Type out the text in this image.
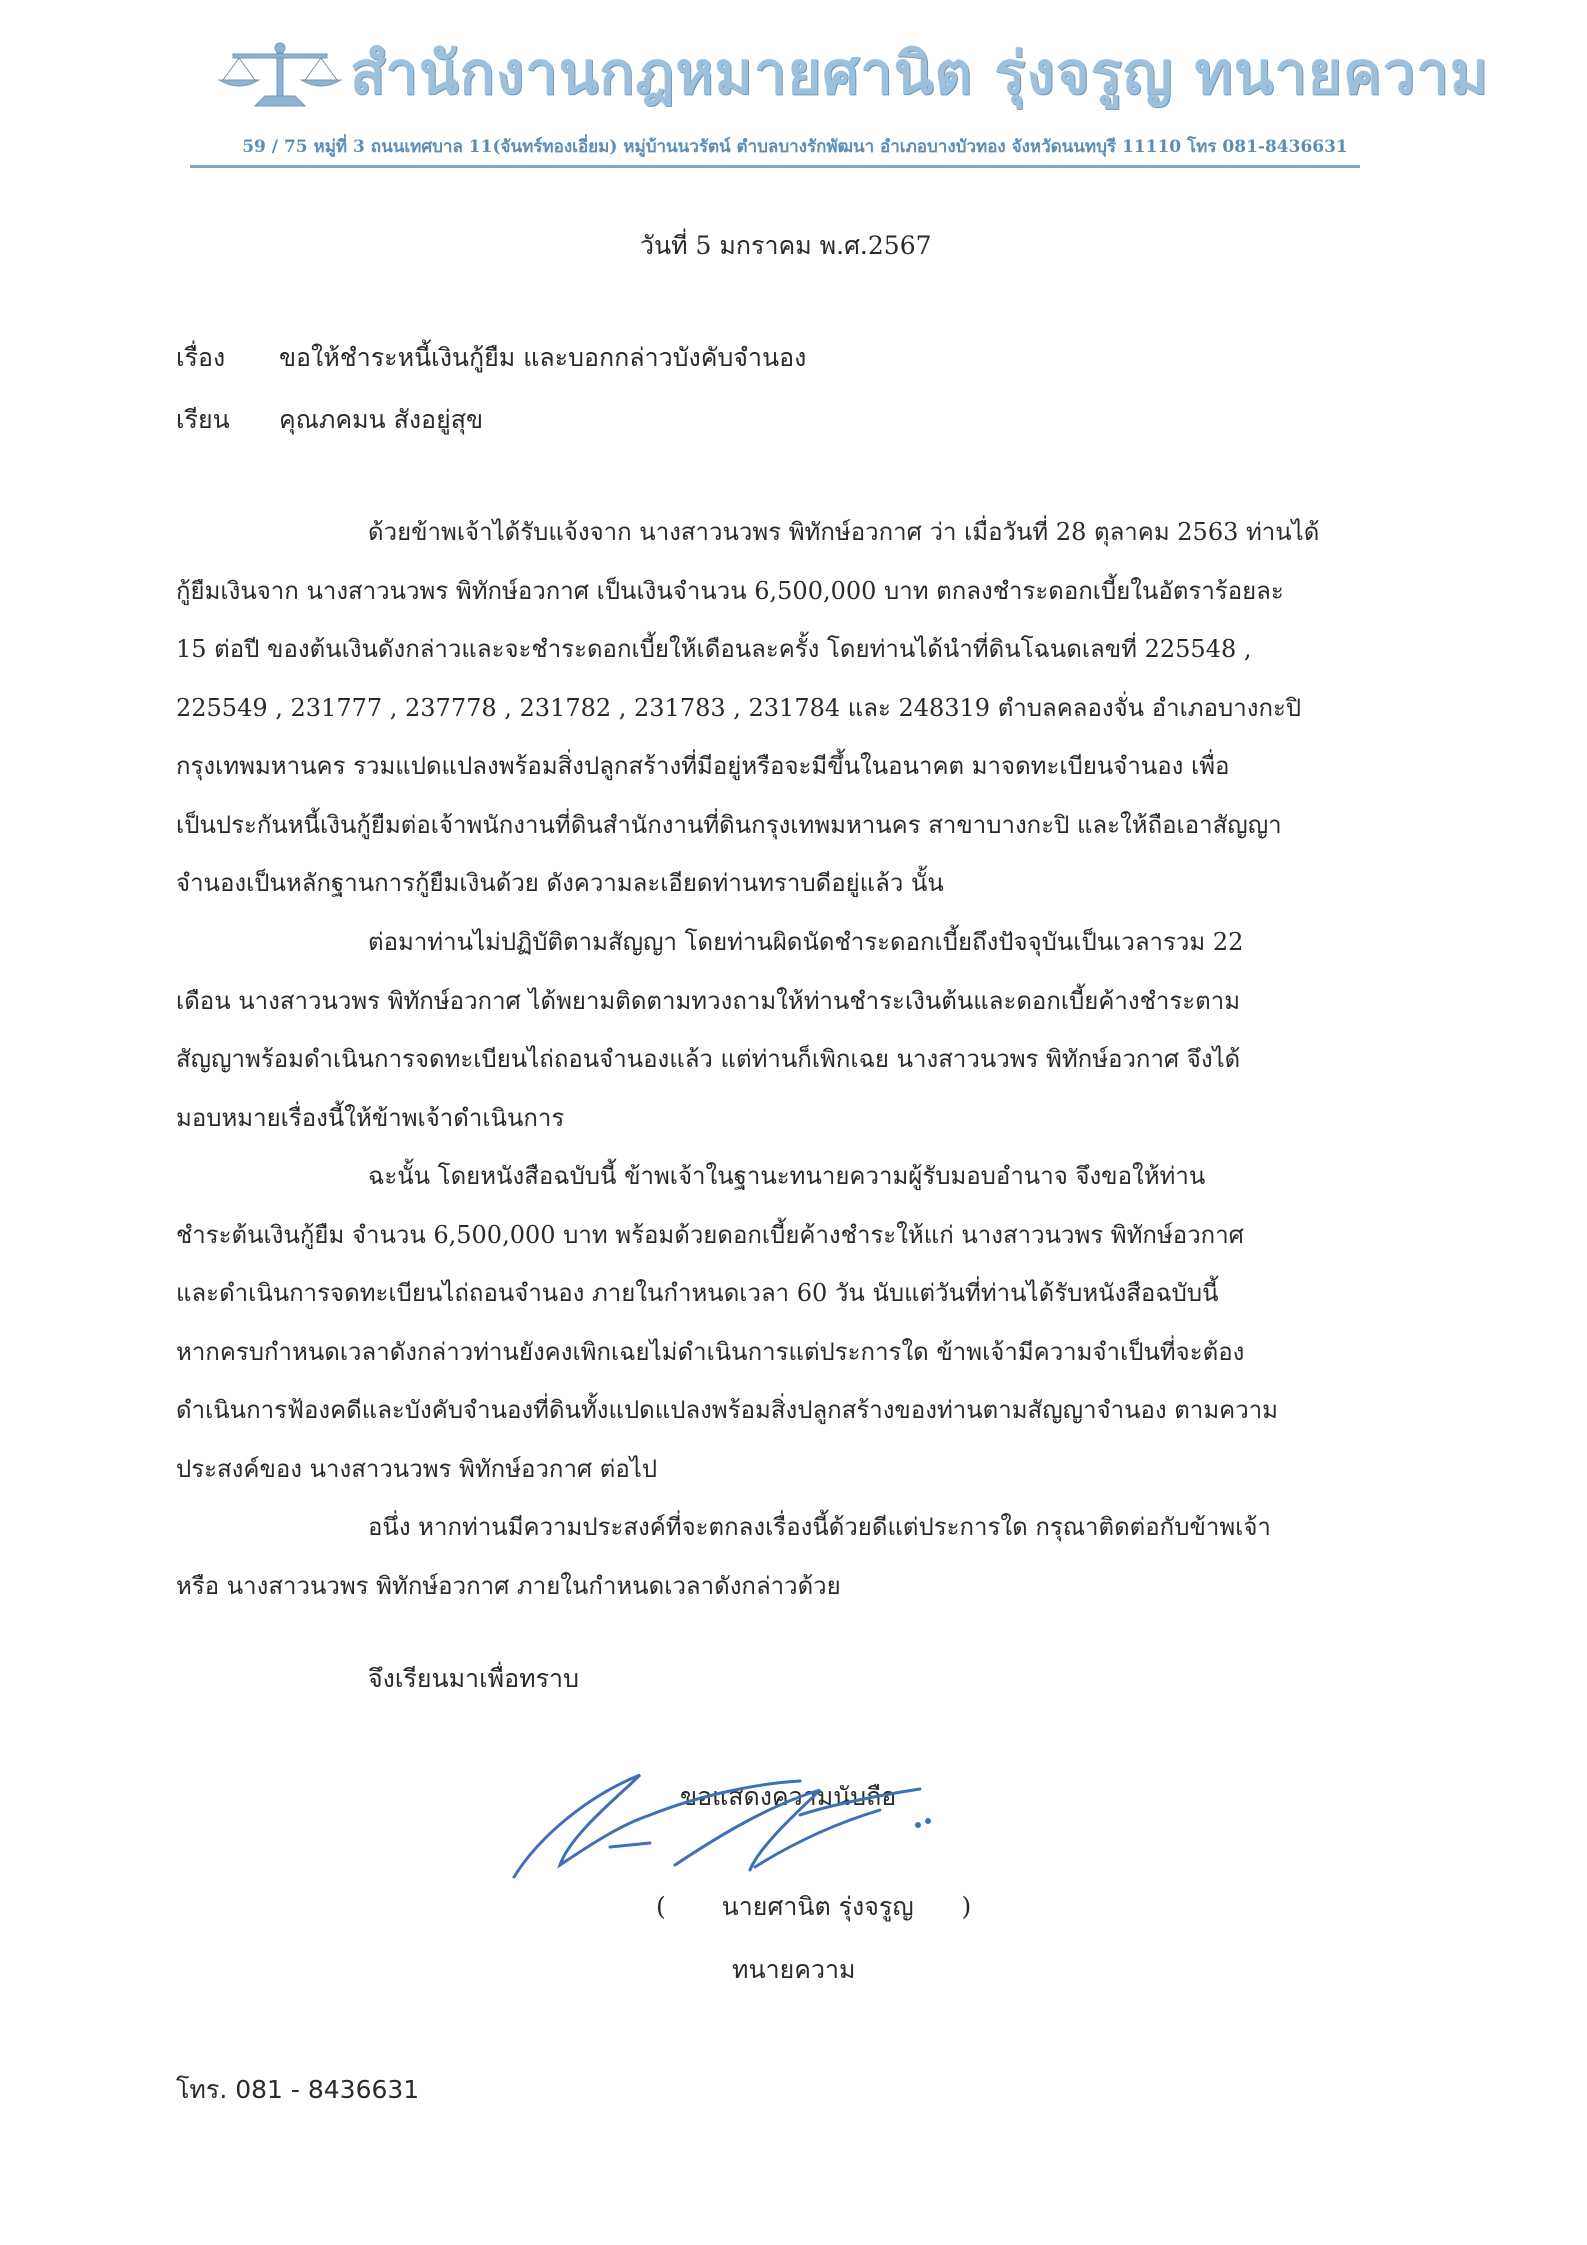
สำนักงานกฎหมายศานิต รุ่งจรูญ ทนายความ
59 / 75 หมู่ที่ 3 ถนนเทศบาล 11(จันทร์ทองเอี่ยม) หมู่บ้านนวรัตน์ ตำบลบางรักพัฒนา อำเภอบางบัวทอง จังหวัดนนทบุรี 11110 โทร 081-8436631
วันที่ 5 มกราคม พ.ศ.2567
เรื่อง ขอให้ชำระหนี้เงินกู้ยืม และบอกกล่าวบังคับจำนอง
เรียน คุณภคมน สังอยู่สุข
ด้วยข้าพเจ้าได้รับแจ้งจาก นางสาวนวพร พิทักษ์อวกาศ ว่า เมื่อวันที่ 28 ตุลาคม 2563 ท่านได้
กู้ยืมเงินจาก นางสาวนวพร พิทักษ์อวกาศ เป็นเงินจำนวน 6,500,000 บาท ตกลงชำระดอกเบี้ยในอัตราร้อยละ
15 ต่อปี ของต้นเงินดังกล่าวและจะชำระดอกเบี้ยให้เดือนละครั้ง โดยท่านได้นำที่ดินโฉนดเลขที่ 225548 ,
225549 , 231777 , 237778 , 231782 , 231783 , 231784 และ 248319 ตำบลคลองจั่น อำเภอบางกะปิ
กรุงเทพมหานคร รวมแปดแปลงพร้อมสิ่งปลูกสร้างที่มีอยู่หรือจะมีขึ้นในอนาคต มาจดทะเบียนจำนอง เพื่อ
เป็นประกันหนี้เงินกู้ยืมต่อเจ้าพนักงานที่ดินสำนักงานที่ดินกรุงเทพมหานคร สาขาบางกะปิ และให้ถือเอาสัญญา
จำนองเป็นหลักฐานการกู้ยืมเงินด้วย ดังความละเอียดท่านทราบดีอยู่แล้ว นั้น
ต่อมาท่านไม่ปฏิบัติตามสัญญา โดยท่านผิดนัดชำระดอกเบี้ยถึงปัจจุบันเป็นเวลารวม 22
เดือน นางสาวนวพร พิทักษ์อวกาศ ได้พยามติดตามทวงถามให้ท่านชำระเงินต้นและดอกเบี้ยค้างชำระตาม
สัญญาพร้อมดำเนินการจดทะเบียนไถ่ถอนจำนองแล้ว แต่ท่านก็เพิกเฉย นางสาวนวพร พิทักษ์อวกาศ จึงได้
มอบหมายเรื่องนี้ให้ข้าพเจ้าดำเนินการ
ฉะนั้น โดยหนังสือฉบับนี้ ข้าพเจ้าในฐานะทนายความผู้รับมอบอำนาจ จึงขอให้ท่าน
ชำระต้นเงินกู้ยืม จำนวน 6,500,000 บาท พร้อมด้วยดอกเบี้ยค้างชำระให้แก่ นางสาวนวพร พิทักษ์อวกาศ
และดำเนินการจดทะเบียนไถ่ถอนจำนอง ภายในกำหนดเวลา 60 วัน นับแต่วันที่ท่านได้รับหนังสือฉบับนี้
หากครบกำหนดเวลาดังกล่าวท่านยังคงเพิกเฉยไม่ดำเนินการแต่ประการใด ข้าพเจ้ามีความจำเป็นที่จะต้อง
ดำเนินการฟ้องคดีและบังคับจำนองที่ดินทั้งแปดแปลงพร้อมสิ่งปลูกสร้างของท่านตามสัญญาจำนอง ตามความ
ประสงค์ของ นางสาวนวพร พิทักษ์อวกาศ ต่อไป
อนึ่ง หากท่านมีความประสงค์ที่จะตกลงเรื่องนี้ด้วยดีแต่ประการใด กรุณาติดต่อกับข้าพเจ้า
หรือ นางสาวนวพร พิทักษ์อวกาศ ภายในกำหนดเวลาดังกล่าวด้วย
จึงเรียนมาเพื่อทราบ
ขอแสดงความนับถือ
( นายศานิต รุ่งจรูญ )
ทนายความ
โทร. 081 - 8436631
